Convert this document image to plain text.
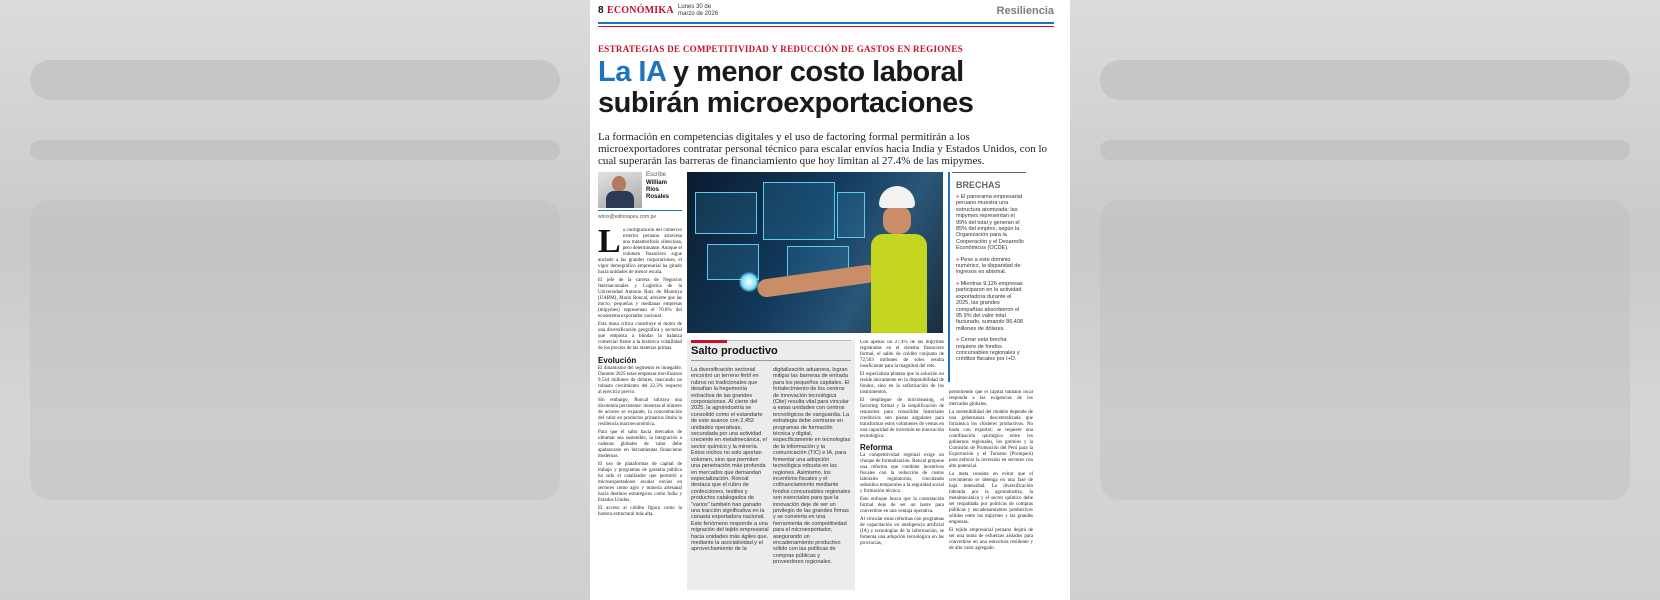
8 ECONÓMIKA Lunes 30 de marzo de 2026	Resiliencia
ESTRATEGIAS DE COMPETITIVIDAD Y REDUCCIÓN DE GASTOS EN REGIONES
La IA y menor costo laboral
subirán microexportaciones
La formación en competencias digitales y el uso de factoring formal permitirán a los microexportadores contratar personal técnico para escalar envíos hacia India y Estados Unidos, con lo cual superarán las barreras de financiamiento que hoy limitan al 27.4% de las mipymes.
Escribe
William Ríos Rosales
wrios@editorapeu.com.pe
L a configuración del comercio exterior peruano atraviesa una metamorfosis silenciosa, pero determinante. Aunque el volumen financiero sigue anclado a las grandes corporaciones, el vigor demográfico empresarial ha girado hacia unidades de menor escala.

El jefe de la carrera de Negocios Internacionales y Logística de la Universidad Antonio Ruiz de Montoya (UARM), Mario Roncal, advierte que las micro, pequeñas y medianas empresas (mipymes) representan el 70.8% del ecosistema exportador nacional.

Esta masa crítica constituye el motor de una diversificación geográfica y sectorial que empieza a blindar la balanza comercial frente a la histórica volatilidad de los precios de las materias primas.

Evolución

El dinamismo del segmento es innegable. Durante 2025 estas empresas movilizaron 9,544 millones de dólares, marcando un robusto crecimiento del 22.3% respecto al ejercicio previo.

Sin embargo, Roncal subraya una dicotomía persistente: mientras el número de actores se expande, la concentración del valor en productos primarios limita la resiliencia macroeconómica.

Para que el salto hacia mercados de ultramar sea sostenible, la integración a cadenas globales de valor debe apalancarse en herramientas financieras modernas.

El uso de plataformas de capital de trabajo y programas de garantía pública ha sido el catalizador que permitió a microexportadores escalar envíos en sectores como agro y minería artesanal hacia destinos estratégicos como India y Estados Unidos.

El acceso al crédito figura como la barrera estructural más alta.

Salto productivo
La diversificación sectorial encontró un terreno fértil en rubros no tradicionales que desafían la hegemonía extractiva de las grandes corporaciones. Al cierre del 2025, la agroindustria se consolidó como el estandarte de este avance con 2,452 unidades operativas, secundada por una actividad creciente en metalmecánica, el sector químico y la minería. Estos nichos no solo aportan volumen, sino que permiten una penetración más profunda en mercados que demandan especialización. Roncal destaca que el rubro de confecciones, textiles y productos catalogados de "varios" también han ganado una tracción significativa en la canasta exportadora nacional. Este fenómeno responde a una migración del tejido empresarial hacia unidades más ágiles que, mediante la asociatividad y el aprovechamiento de la
digitalización aduanera, logran mitigar las barreras de entrada para los pequeños capitales. El fortalecimiento de los centros de innovación tecnológica (Cite) resulta vital para vincular a estas unidades con centros tecnológicos de vanguardia. La estrategia debe centrarse en programas de formación técnica y digital, específicamente en tecnologías de la información y la comunicación (TIC) e IA, para fomentar una adopción tecnológica robusta en las regiones. Asimismo, los incentivos fiscales y el cofinanciamiento mediante fondos concursables regionales son esenciales para que la innovación deje de ser un privilegio de las grandes firmas y se convierta en una herramienta de competitividad para el microexportador, asegurando un encadenamiento productivo sólido con las políticas de compras públicas y proveedores regionales.

Con apenas un 27.4% de las mipymes registradas en el sistema financiero formal, el saldo de crédito conjunto de 72,503 millones de soles resulta insuficiente para la magnitud del reto.

El especialista plantea que la solución no reside únicamente en la disponibilidad de fondos, sino en la sofisticación de los instrumentos.

El despliegue de microleasing, el factoring formal y la simplificación de requisitos para consolidar historiales crediticios son piezas angulares para transformar estos volúmenes de ventas en una capacidad de inversión en innovación tecnológica.

Reforma

La competitividad regional exige un choque de formalización. Roncal propone una reforma que combine incentivos fiscales con la reducción de costos laborales regulatorios, vinculando subsidios temporales a la seguridad social y formación técnica.

Este enfoque busca que la contratación formal deje de ser un lastre para convertirse en una ventaja operativa.

Al vincular estas reformas con programas de capacitación en inteligencia artificial (IA) y tecnologías de la información, se fomenta una adopción tecnológica en las provincias,

permitiendo que el capital humano local responda a las exigencias de los mercados globales.

La sostenibilidad del modelo depende de una gobernanza descentralizada que fortalezca los clústeres productivos. No basta con exportar; se requiere una coordinación quirúrgica entre los gobiernos regionales, los gremios y la Comisión de Promoción del Perú para la Exportación y el Turismo (Promperú) para enfocar la inversión en sectores con alto potencial.

La meta consiste en evitar que el crecimiento se detenga en una fase de baja intensidad. La diversificación liderada por la agroindustria, la metalmecánica y el sector químico debe ser respaldada por políticas de compras públicas y encadenamientos productivos sólidos entre las mipymes y las grandes empresas.

El tejido empresarial peruano dejará de ser una suma de esfuerzos aislados para convertirse en una estructura resiliente y de alto valor agregado.

BRECHAS
» El panorama empresarial peruano muestra una estructura atomizada: las mipymes representan el 99% del total y generan el 85% del empleo, según la Organización para la Cooperación y el Desarrollo Económicos (OCDE).
» Pese a este dominio numérico, la disparidad de ingresos es abismal.
» Mientras 9,126 empresas participaron en la actividad exportadora durante el 2025, las grandes compañías absorbieron el 95.9% del valor total facturado, sumando 86,408 millones de dólares.
» Cerrar esta brecha requiere de fondos concursables regionales y créditos fiscales por I+D.
